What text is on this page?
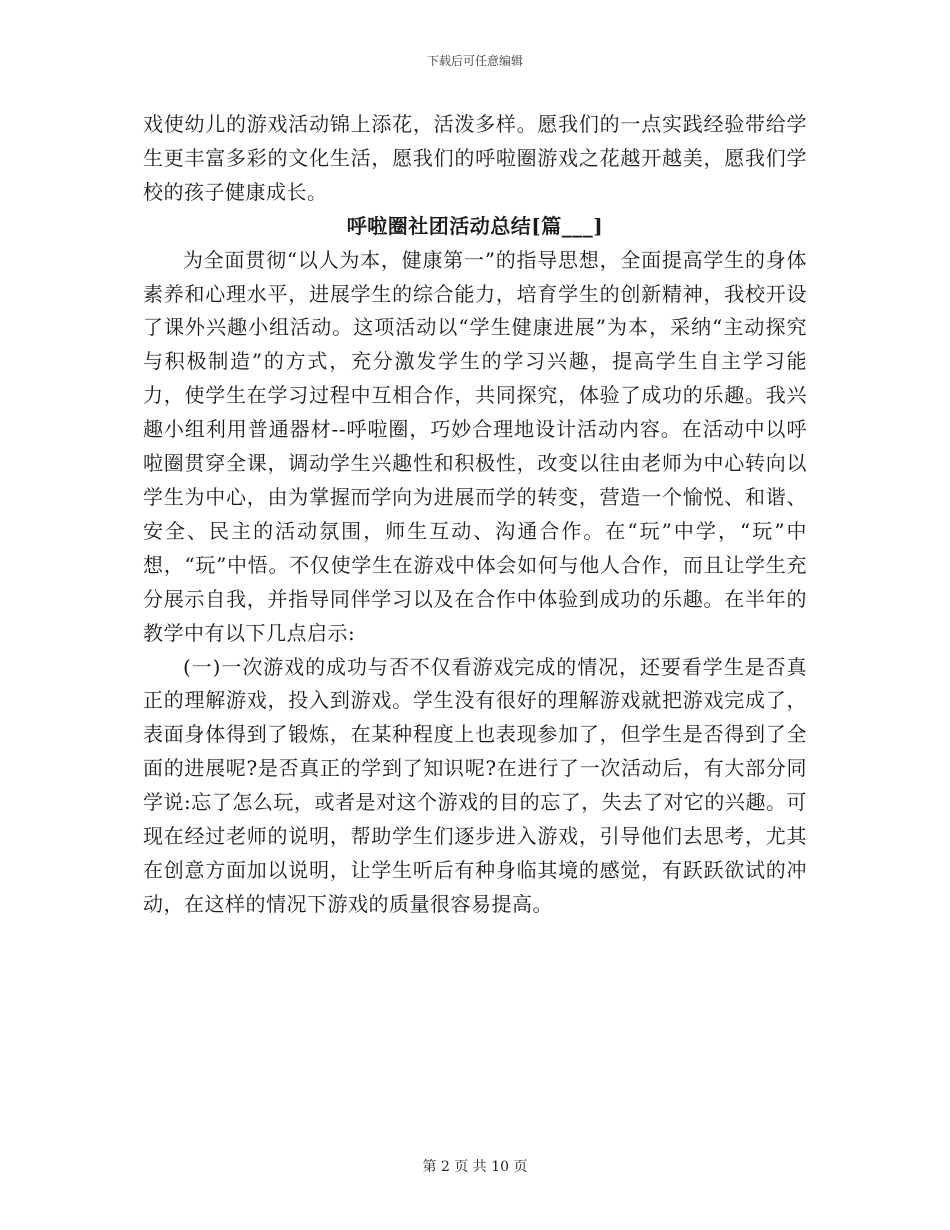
下载后可任意编辑

戏使幼儿的游戏活动锦上添花，活泼多样。愿我们的一点实践经验带给学生更丰富多彩的文化生活，愿我们的呼啦圈游戏之花越开越美，愿我们学校的孩子健康成长。

呼啦圈社团活动总结[篇___]

为全面贯彻“以人为本，健康第一”的指导思想，全面提高学生的身体素养和心理水平，进展学生的综合能力，培育学生的创新精神，我校开设了课外兴趣小组活动。这项活动以“学生健康进展”为本，采纳“主动探究与积极制造”的方式，充分激发学生的学习兴趣，提高学生自主学习能力，使学生在学习过程中互相合作，共同探究，体验了成功的乐趣。我兴趣小组利用普通器材--呼啦圈，巧妙合理地设计活动内容。在活动中以呼啦圈贯穿全课，调动学生兴趣性和积极性，改变以往由老师为中心转向以学生为中心，由为掌握而学向为进展而学的转变，营造一个愉悦、和谐、安全、民主的活动氛围，师生互动、沟通合作。在“玩”中学，“玩”中想，“玩”中悟。不仅使学生在游戏中体会如何与他人合作，而且让学生充分展示自我，并指导同伴学习以及在合作中体验到成功的乐趣。在半年的教学中有以下几点启示:

(一)一次游戏的成功与否不仅看游戏完成的情况，还要看学生是否真正的理解游戏，投入到游戏。学生没有很好的理解游戏就把游戏完成了，表面身体得到了锻炼，在某种程度上也表现参加了，但学生是否得到了全面的进展呢?是否真正的学到了知识呢?在进行了一次活动后，有大部分同学说:忘了怎么玩，或者是对这个游戏的目的忘了，失去了对它的兴趣。可现在经过老师的说明，帮助学生们逐步进入游戏，引导他们去思考，尤其在创意方面加以说明，让学生听后有种身临其境的感觉，有跃跃欲试的冲动，在这样的情况下游戏的质量很容易提高。

第 2 页 共 10 页
